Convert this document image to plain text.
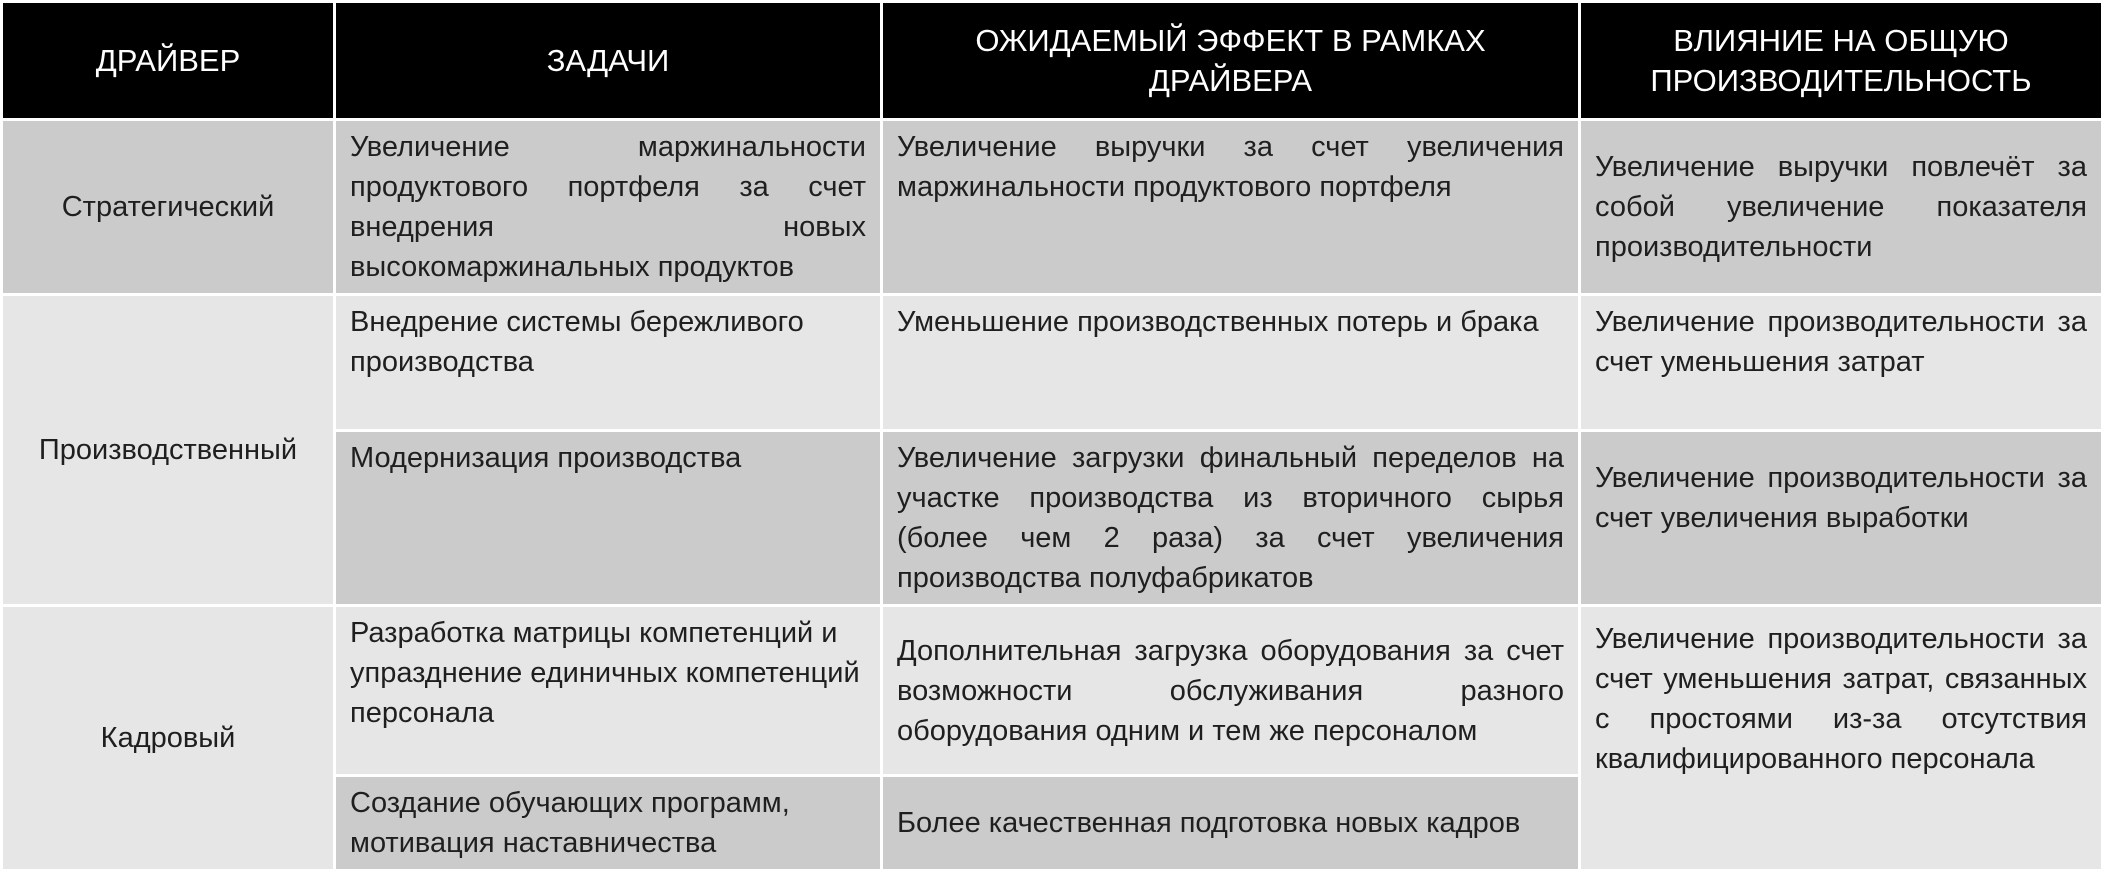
ДРАЙВЕР	ЗАДАЧИ	ОЖИДАЕМЫЙ ЭФФЕКТ В РАМКАХ ДРАЙВЕРА	ВЛИЯНИЕ НА ОБЩУЮ ПРОИЗВОДИТЕЛЬНОСТЬ
Стратегический	Увеличение маржинальности продуктового портфеля за счет внедрения новых высокомаржинальных продуктов	Увеличение выручки за счет увеличения маржинальности продуктового портфеля	Увеличение выручки повлечёт за собой увеличение показателя производительности
Производственный	Внедрение системы бережливого производства	Уменьшение производственных потерь и брака	Увеличение производительности за счет уменьшения затрат
	Модернизация производства	Увеличение загрузки финальный переделов на участке производства из вторичного сырья (более чем 2 раза) за счет увеличения производства полуфабрикатов	Увеличение производительности за счет увеличения выработки
Кадровый	Разработка матрицы компетенций и упразднение единичных компетенций персонала	Дополнительная загрузка оборудования за счет возможности обслуживания разного оборудования одним и тем же персоналом	Увеличение производительности за счет уменьшения затрат, связанных с простоями из-за отсутствия квалифицированного персонала
	Создание обучающих программ, мотивация наставничества	Более качественная подготовка новых кадров	
